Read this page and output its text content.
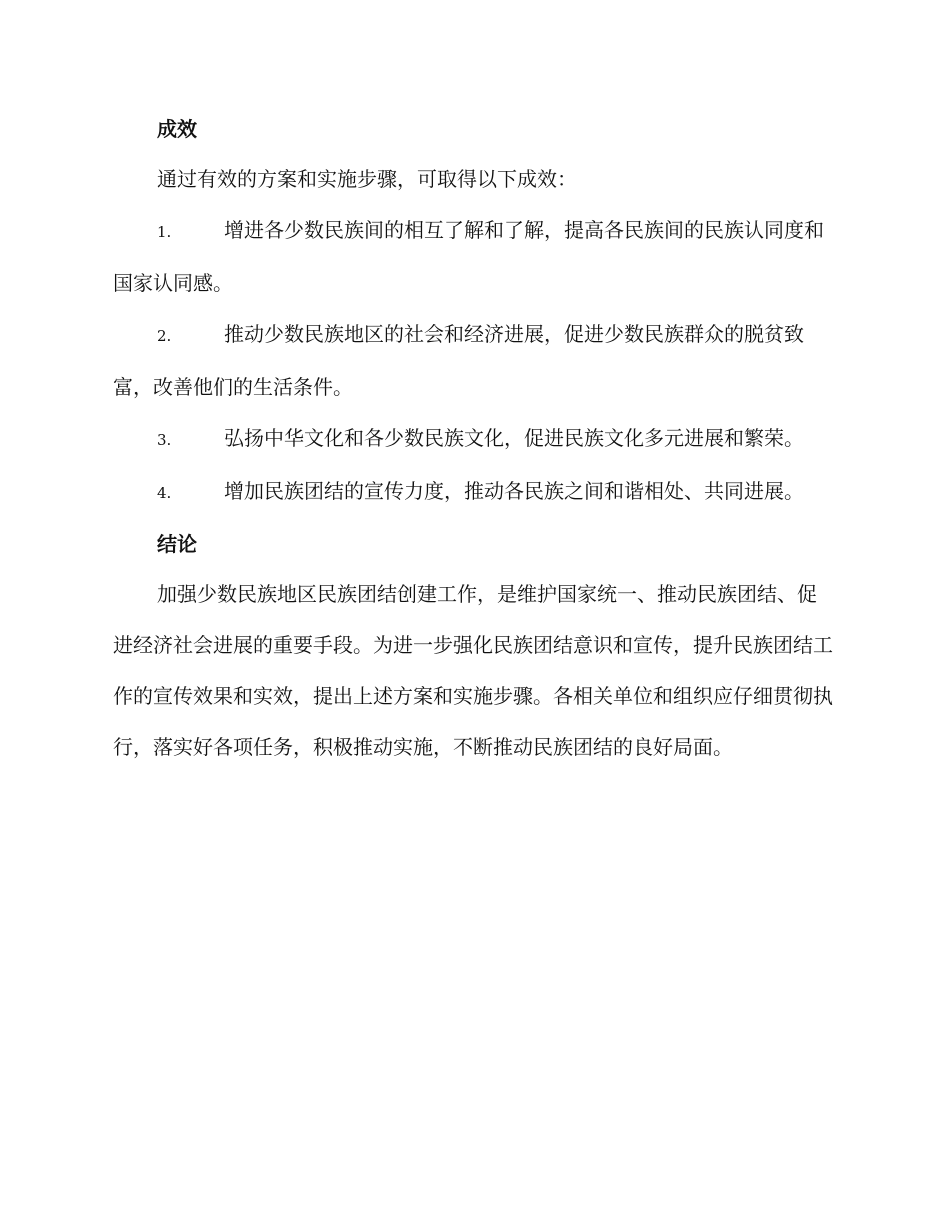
成效

通过有效的方案和实施步骤，可取得以下成效：

1.	增进各少数民族间的相互了解和了解，提高各民族间的民族认同度和国家认同感。

2.	推动少数民族地区的社会和经济进展，促进少数民族群众的脱贫致富，改善他们的生活条件。

3.	弘扬中华文化和各少数民族文化，促进民族文化多元进展和繁荣。

4.	增加民族团结的宣传力度，推动各民族之间和谐相处、共同进展。

结论

加强少数民族地区民族团结创建工作，是维护国家统一、推动民族团结、促进经济社会进展的重要手段。为进一步强化民族团结意识和宣传，提升民族团结工作的宣传效果和实效，提出上述方案和实施步骤。各相关单位和组织应仔细贯彻执行，落实好各项任务，积极推动实施，不断推动民族团结的良好局面。
